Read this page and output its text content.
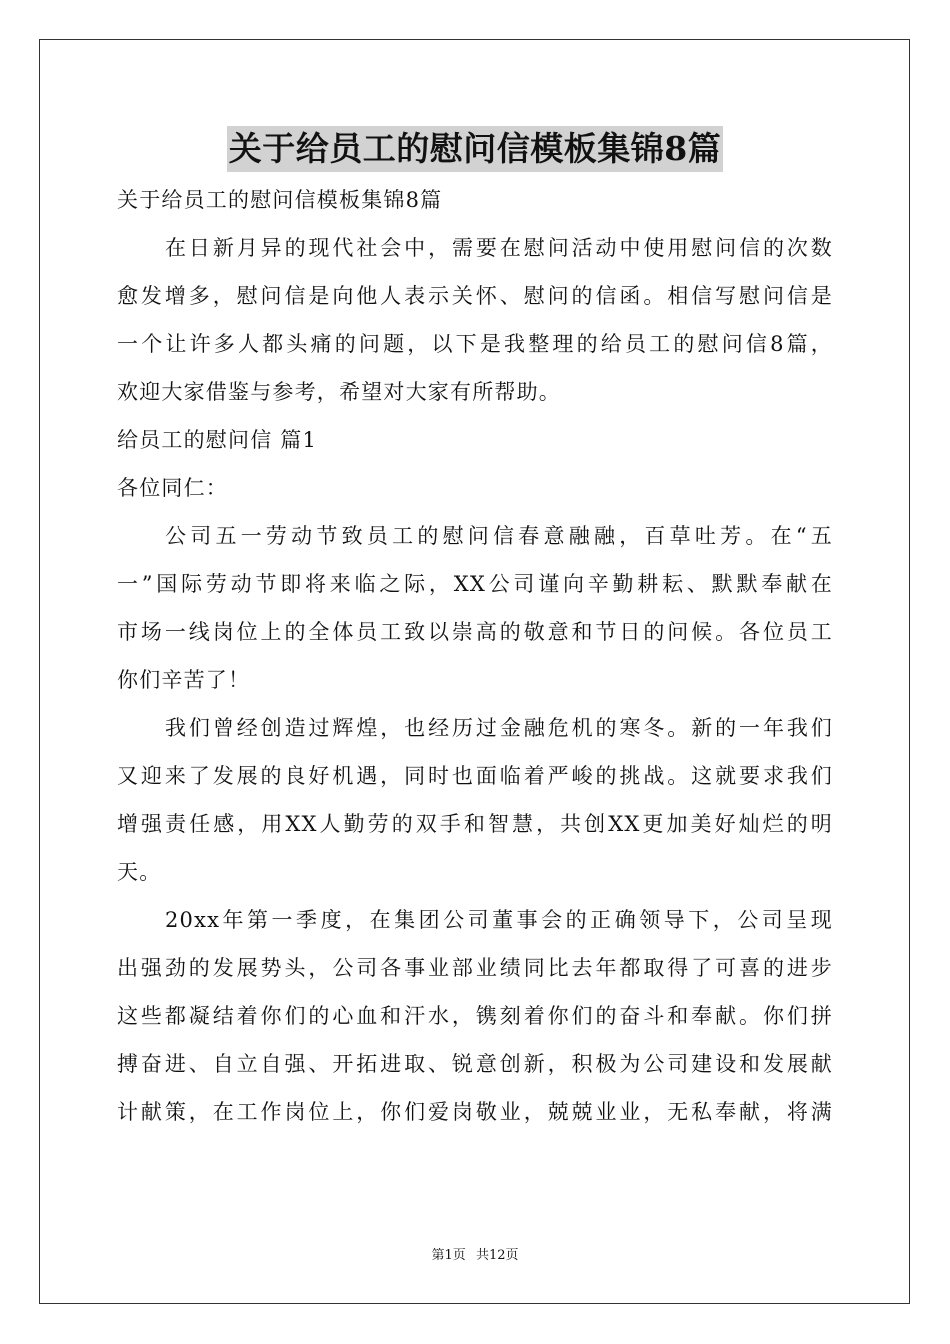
关于给员工的慰问信模板集锦8篇
关于给员工的慰问信模板集锦8篇
在日新月异的现代社会中，需要在慰问活动中使用慰问信的次数
愈发增多，慰问信是向他人表示关怀、慰问的信函。相信写慰问信是
一个让许多人都头痛的问题，以下是我整理的给员工的慰问信8篇，
欢迎大家借鉴与参考，希望对大家有所帮助。
给员工的慰问信 篇1
各位同仁：
公司五一劳动节致员工的慰问信春意融融，百草吐芳。在“五
一”国际劳动节即将来临之际，XX公司谨向辛勤耕耘、默默奉献在
市场一线岗位上的全体员工致以崇高的敬意和节日的问候。各位员工
你们辛苦了！
我们曾经创造过辉煌，也经历过金融危机的寒冬。新的一年我们
又迎来了发展的良好机遇，同时也面临着严峻的挑战。这就要求我们
增强责任感，用XX人勤劳的双手和智慧，共创XX更加美好灿烂的明
天。
20xx年第一季度，在集团公司董事会的正确领导下，公司呈现
出强劲的发展势头，公司各事业部业绩同比去年都取得了可喜的进步
这些都凝结着你们的心血和汗水，镌刻着你们的奋斗和奉献。你们拼
搏奋进、自立自强、开拓进取、锐意创新，积极为公司建设和发展献
计献策，在工作岗位上，你们爱岗敬业，兢兢业业，无私奉献，将满
第1页 共12页
